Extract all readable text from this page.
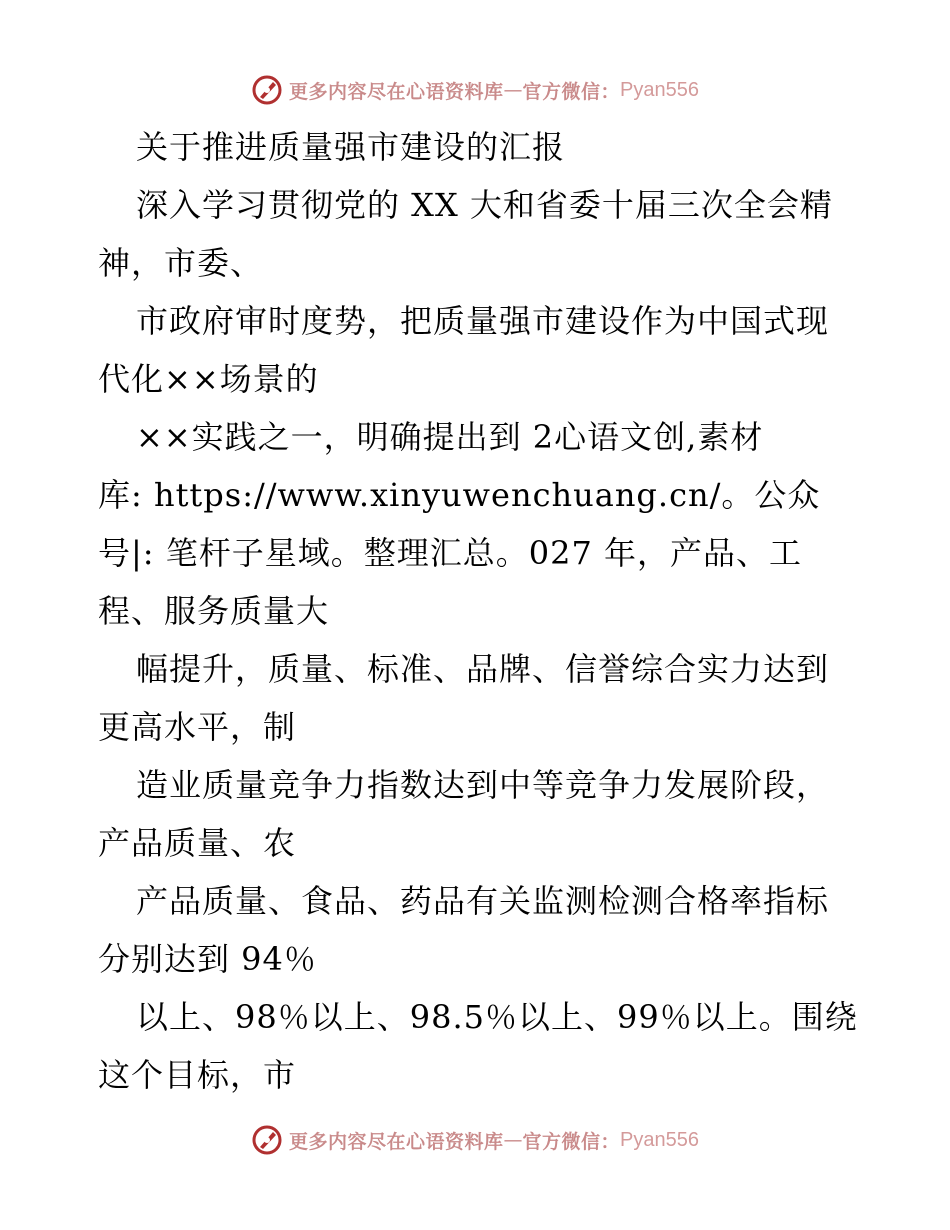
更多内容尽在心语资料库 — 官方微信： Pyan556
关于推进质量强市建设的汇报
深入学习贯彻党的 XX 大和省委十届三次全会精
神，市委、
市政府审时度势，把质量强市建设作为中国式现
代化××场景的
××实践之一，明确提出到 2心语文创,素材
库: https://www.xinyuwenchuang.cn/。公众
号|: 笔杆子星域。整理汇总。027 年，产品、工
程、服务质量大
幅提升，质量、标准、品牌、信誉综合实力达到
更高水平，制
造业质量竞争力指数达到中等竞争力发展阶段，
产品质量、农
产品质量、食品、药品有关监测检测合格率指标
分别达到 94％
以上、98％以上、98.5％以上、99％以上。围绕
这个目标，市
更多内容尽在心语资料库 — 官方微信： Pyan556
